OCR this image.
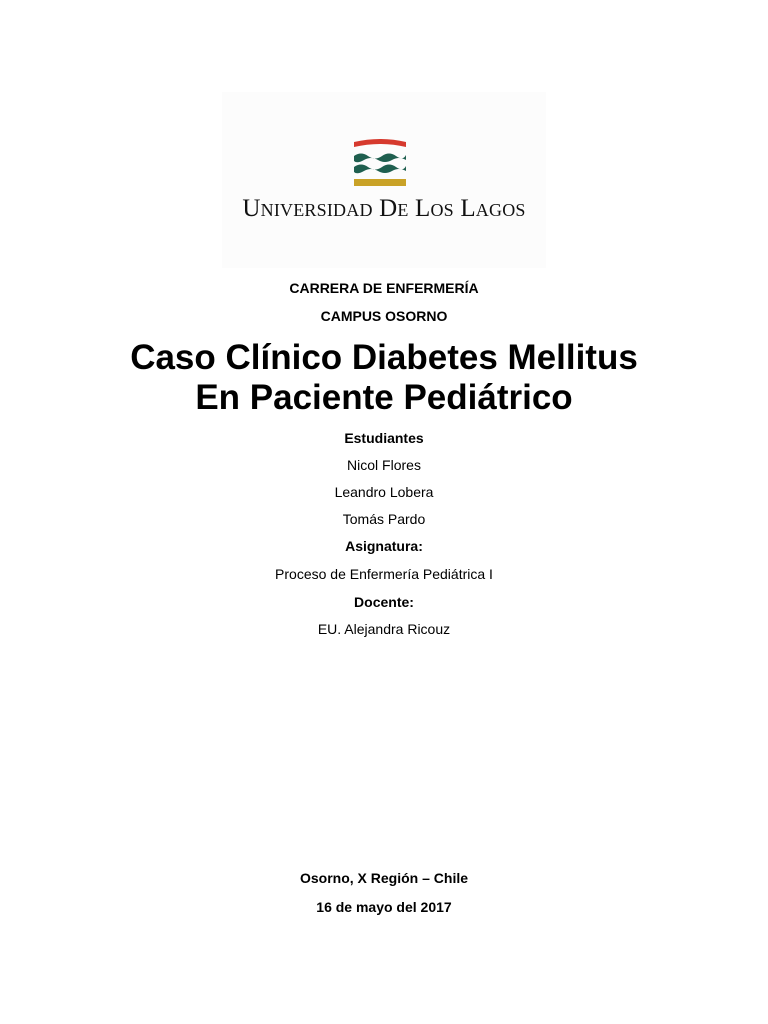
Universidad De Los Lagos
CARRERA DE ENFERMERÍA
CAMPUS OSORNO
Caso Clínico Diabetes Mellitus
En Paciente Pediátrico
Estudiantes
Nicol Flores
Leandro Lobera
Tomás Pardo
Asignatura:
Proceso de Enfermería Pediátrica I
Docente:
EU. Alejandra Ricouz
Osorno, X Región – Chile
16 de mayo del 2017
